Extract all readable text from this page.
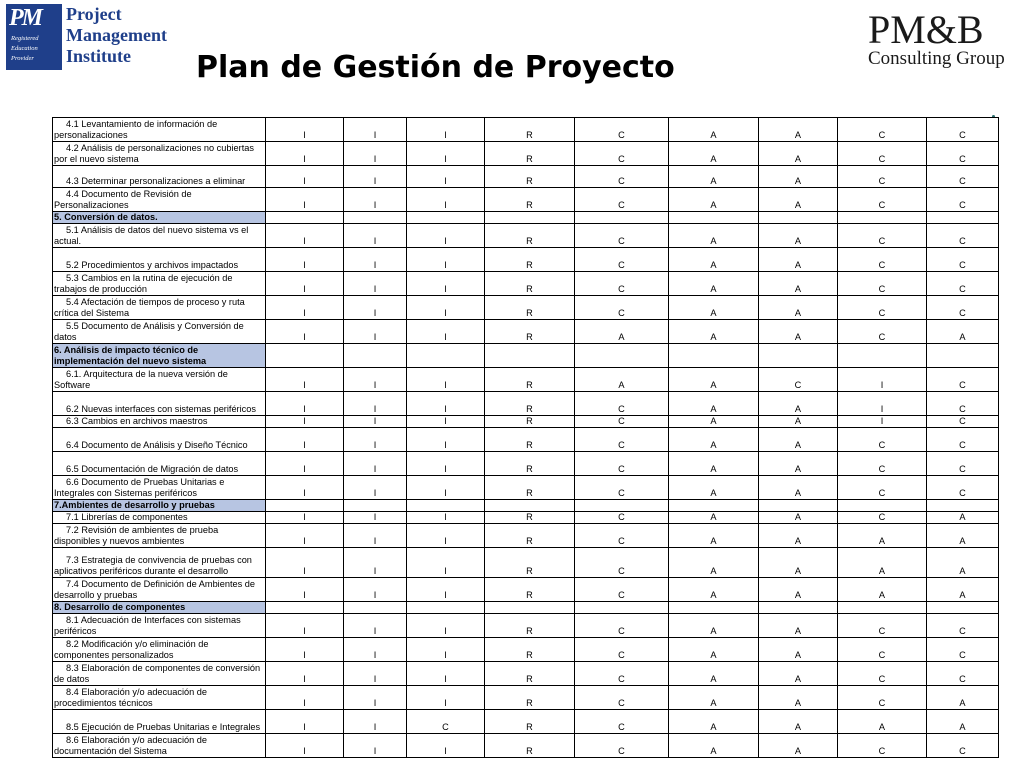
PM
Registered
Education
Provider
Project
Management
Institute	Plan de Gestión de Proyecto
PM&B
Consulting Group
4.1 Levantamiento de información de personalizaciones	I	I	I	R	C	A	A	C	C
4.2 Análisis de personalizaciones no cubiertas por el nuevo sistema	I	I	I	R	C	A	A	C	C
4.3 Determinar personalizaciones a eliminar	I	I	I	R	C	A	A	C	C
4.4 Documento de Revisión de Personalizaciones	I	I	I	R	C	A	A	C	C
5. Conversión de datos.									
5.1 Análisis de datos del nuevo sistema vs el actual.	I	I	I	R	C	A	A	C	C
5.2 Procedimientos y archivos impactados	I	I	I	R	C	A	A	C	C
5.3 Cambios en la rutina de ejecución de trabajos de producción	I	I	I	R	C	A	A	C	C
5.4 Afectación de tiempos de proceso y ruta crítica del Sistema	I	I	I	R	C	A	A	C	C
5.5 Documento de Análisis y Conversión de datos	I	I	I	R	A	A	A	C	A
6. Análisis de impacto técnico de implementación del nuevo sistema									
6.1. Arquitectura de la nueva versión de Software	I	I	I	R	A	A	C	I	C
6.2 Nuevas interfaces con sistemas periféricos	I	I	I	R	C	A	A	I	C
6.3 Cambios en archivos maestros	I	I	I	R	C	A	A	I	C
6.4 Documento de Análisis y Diseño Técnico	I	I	I	R	C	A	A	C	C
6.5 Documentación de Migración de datos	I	I	I	R	C	A	A	C	C
6.6 Documento de Pruebas Unitarias e Integrales con Sistemas periféricos	I	I	I	R	C	A	A	C	C
7.Ambientes de desarrollo y pruebas									
7.1 Librerías de componentes	I	I	I	R	C	A	A	C	A
7.2 Revisión de ambientes de prueba disponibles y nuevos ambientes	I	I	I	R	C	A	A	A	A
7.3 Estrategia de convivencia de pruebas con aplicativos periféricos durante el desarrollo	I	I	I	R	C	A	A	A	A
7.4 Documento de Definición de Ambientes de desarrollo y pruebas	I	I	I	R	C	A	A	A	A
8. Desarrollo de componentes									
8.1 Adecuación de Interfaces con sistemas periféricos	I	I	I	R	C	A	A	C	C
8.2 Modificación y/o eliminación de componentes personalizados	I	I	I	R	C	A	A	C	C
8.3 Elaboración de componentes de conversión de datos	I	I	I	R	C	A	A	C	C
8.4 Elaboración y/o adecuación de procedimientos técnicos	I	I	I	R	C	A	A	C	A
8.5 Ejecución de Pruebas Unitarias e Integrales	I	I	C	R	C	A	A	A	A
8.6 Elaboración y/o adecuación de documentación del Sistema	I	I	I	R	C	A	A	C	C
